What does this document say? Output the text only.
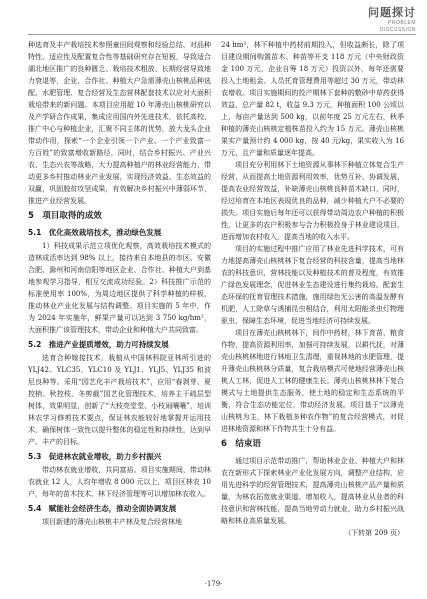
问题探讨
PROBLEM DISCUSSION

种选育及丰产栽培技术参照童田间观察和经验总结，对品种特性、适应性及配置复合性等基础研究存在短板，导致适合湖北地区推广的良种匮乏、栽培技术粗放、长期经营导致地力衰退等，企业、合作社、种植大户急需薄壳山核桃品种选配、水肥管理、复合经营及生态营林配套技术以应对大面积栽培带来的新问题。本项目应用超 10 年薄壳山核桃研究以及产学研合作成果，集成应用国内外先进技术，依托高校、推广中心与种植企业，汇聚不同主体的优势，放大龙头企业带动作用，探索“一个企业引领一个产业、一个产业致富一方百姓”的致富增收新路径，同时，结合乡村振兴、产业兴农、生态兴农等战略，大力提高种植户的林业经营能力，带动更多乡村推动林业产业发展，实现经济效益、生态效益的双赢，巩固脱贫攻坚成果，有效解决乡村振兴中薄弱环节，推进产业经营发展。

5　项目取得的成效
5.1　优化高效栽培技术，推动绿色发展

1）科技成果示范立项优化观察，高效栽培技术模式的造林成活率达到 98% 以上，接待来自本地县的市区、安徽合肥、滁州和河南信阳等地区企业、合作社、种植大户到基地参观学习指导，相互交流成功经验。2）科技推广示范的标准使用率 100%，为周边地区提供了科学种植的样板，推动林业产业化发展与结构调整。项目实施的 5 年中，作为 2024 年实施年，鲜果产量可以达到 3 750 kg/hm²，大面积推广该管理技术，带动企业和种植大户共同致富。

5.2　推进产业提质增效，助力可持续发展

选育合种嫁接技术，栽植从中国林科院亚林所引进的 YLJ42、YLC35、YLC10 及 YLJ1、YLJ5、YLJ35 和波尼良种等。采用“园艺化丰产栽培技术”，应用“春剥芽、夏控梢、秋控枝、冬剪截”园艺化管理技术，培养主干疏层型树体，效果明显，创新了“大枝亮堂堂、小枝闹嚷嚷”，培训林农学习修剪技术要点，保证林农能较好地掌握并运用技术，确保树体一致性以提升整体的稳定性和持续性，达到早产、丰产的目标。

5.3　促进林农就业增收，助力乡村振兴

带动林农就业增收，共同富裕。项目实施期间，带动林农就业 12 人，人均年增收 8 000 元以上，项目区林农 10 户，每年的苗木技术、林下经济管理等可以增加林农收入。

5.4　赋能社会经济生态，推动全面协调发展

项目新建的薄壳山核桃丰产林及复合经营林地

24 hm²，林下种植中药材前期投入，但收益颇长，除了项目建设期间购置苗木、种苗等开支 118 万元（中央财政资金 100 万元，企业自筹 18 万元）投资以外，每年还需要投入土地租金、人员托育管理费用等超过 30 万元，带动林农增收。项目实施期间的投产期林下套种的敷砂中草药获得效益，总产量 82 t，收益 9.3 万元，种植面积 100 公顷以上，每亩产量达到 500 kg，以前年度 25 万元左右，秋季种植的薄壳山核桃定植株苗投入约为 15 万元。薄壳山核桃果实产量预计约 4 000 kg，按 40 元/kg，果实收入为 16 万元，且产量和质量逐年提高。

项目充分利用林下土地资源从事林下种植立体复合生产经营，从而提高土地资源利用效率，优势互补、协调发展，提高农业经营效益，补缺薄壳山核桃良种苗木缺口，同时，经过培育在本地区表现优良的品种，减少种植大户不必要的损失。项目实施后每年还可以获得带动周边农户种植的积极性，让更多的农户积极参与合力积极投身于林业建设项目，进而增加农村收入，提高当地的收入水平。

项目的实施过程中推广应用了林业先进科学技术，可有力地提高薄壳山核桃林下复合经营的科技含量，提高当地林农的科技意识，营林技能以及种植技术的普及程度，有效推广绿色发展理念，促进林业生态建设进行集约栽培。配套生态环保的抚育管理技术措施，施用绿色无公害的高温发酵有机肥，人工除草与诱捕昆虫相结合，利用太阳能杀虫灯物理驱虫，保障生态环境，促进当地经济可持续发展。

项目在薄壳山核桃林下，间作中药材，林下育苗、粮食作物，提高资源利用率，加强可持续发展，以耕代抚，对薄壳山核桃林地进行林地卫生清理，重视林地的水肥管理，提升薄壳山核桃林分质量，复合栽培模式可使地经营薄壳山核桃人工林，促进人工林的健康生长。薄壳山核桃林林下复合模式与土地提供生态服务，使土地的稳定和生态系统的平衡，符合生态功能定位，带动经济发展。项目基于“以薄壳山核桃为主，林下栽植多种农作物”的复合经营模式，对促进林地资源和林下作物共生十分有益。

6　结束语

通过项目示范带动推广，帮助林业企业、种植大户和林农在新形式下探索林业产业化发展方向，调整产业结构，应用先进科学的经营管理技术，提高薄壳山核桃产品产量和质量，为林农拓宽就业渠道、增加收入，提高林业从业者的科技意识和营林技能，提高当地劳动力就业，助力乡村振兴战略和林业高质量发展。

（下转第 209 页）

·179·
